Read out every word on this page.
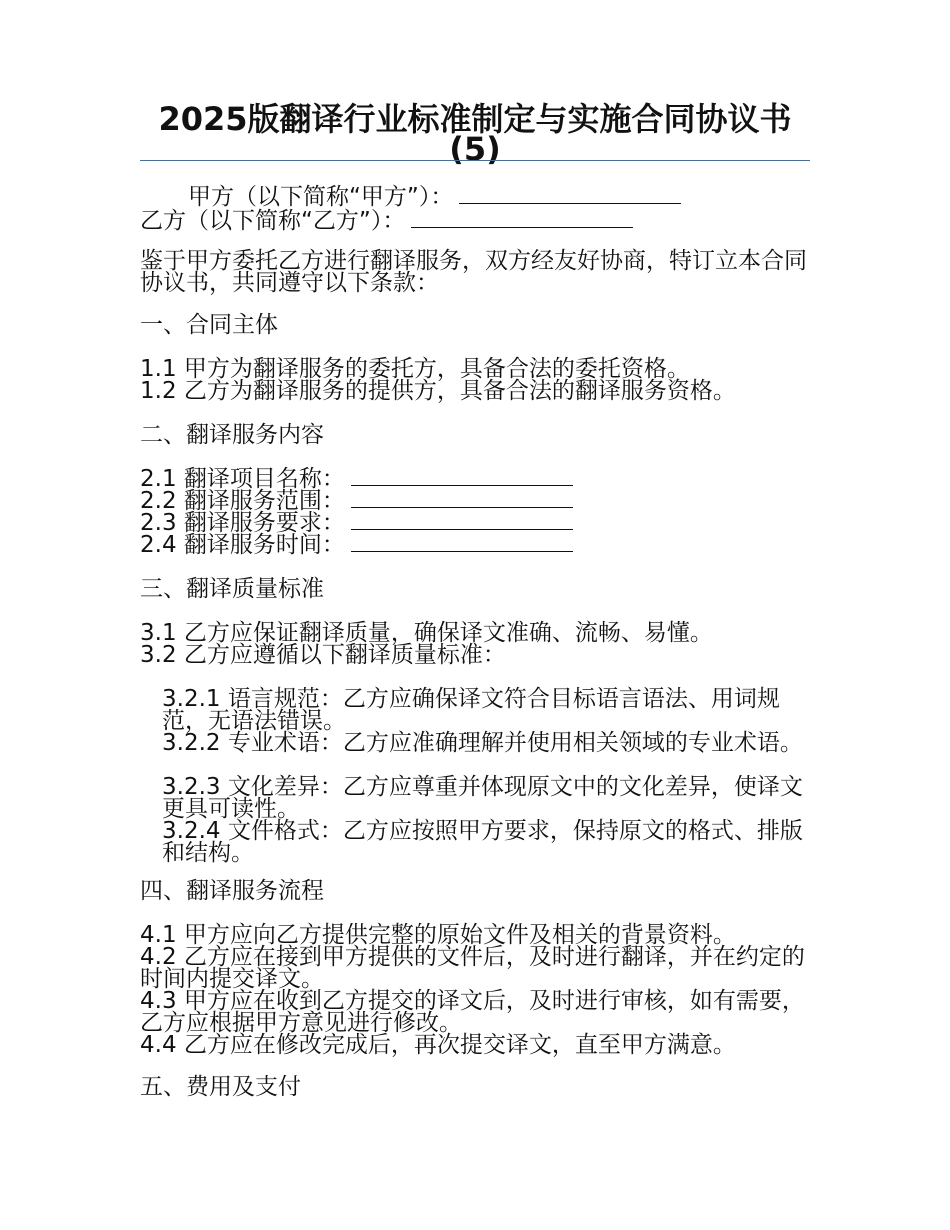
2025版翻译行业标准制定与实施合同协议书(5)
甲方（以下简称“甲方”）：
乙方（以下简称“乙方”）：
鉴于甲方委托乙方进行翻译服务，双方经友好协商，特订立本合同协议书，共同遵守以下条款：
一、合同主体
1.1 甲方为翻译服务的委托方，具备合法的委托资格。
1.2 乙方为翻译服务的提供方，具备合法的翻译服务资格。
二、翻译服务内容
2.1 翻译项目名称：
2.2 翻译服务范围：
2.3 翻译服务要求：
2.4 翻译服务时间：
三、翻译质量标准
3.1 乙方应保证翻译质量，确保译文准确、流畅、易懂。
3.2 乙方应遵循以下翻译质量标准：
3.2.1 语言规范：乙方应确保译文符合目标语言语法、用词规范，无语法错误。
3.2.2 专业术语：乙方应准确理解并使用相关领域的专业术语。
3.2.3 文化差异：乙方应尊重并体现原文中的文化差异，使译文更具可读性。
3.2.4 文件格式：乙方应按照甲方要求，保持原文的格式、排版和结构。
四、翻译服务流程
4.1 甲方应向乙方提供完整的原始文件及相关的背景资料。
4.2 乙方应在接到甲方提供的文件后，及时进行翻译，并在约定的时间内提交译文。
4.3 甲方应在收到乙方提交的译文后，及时进行审核，如有需要，乙方应根据甲方意见进行修改。
4.4 乙方应在修改完成后，再次提交译文，直至甲方满意。
五、费用及支付
